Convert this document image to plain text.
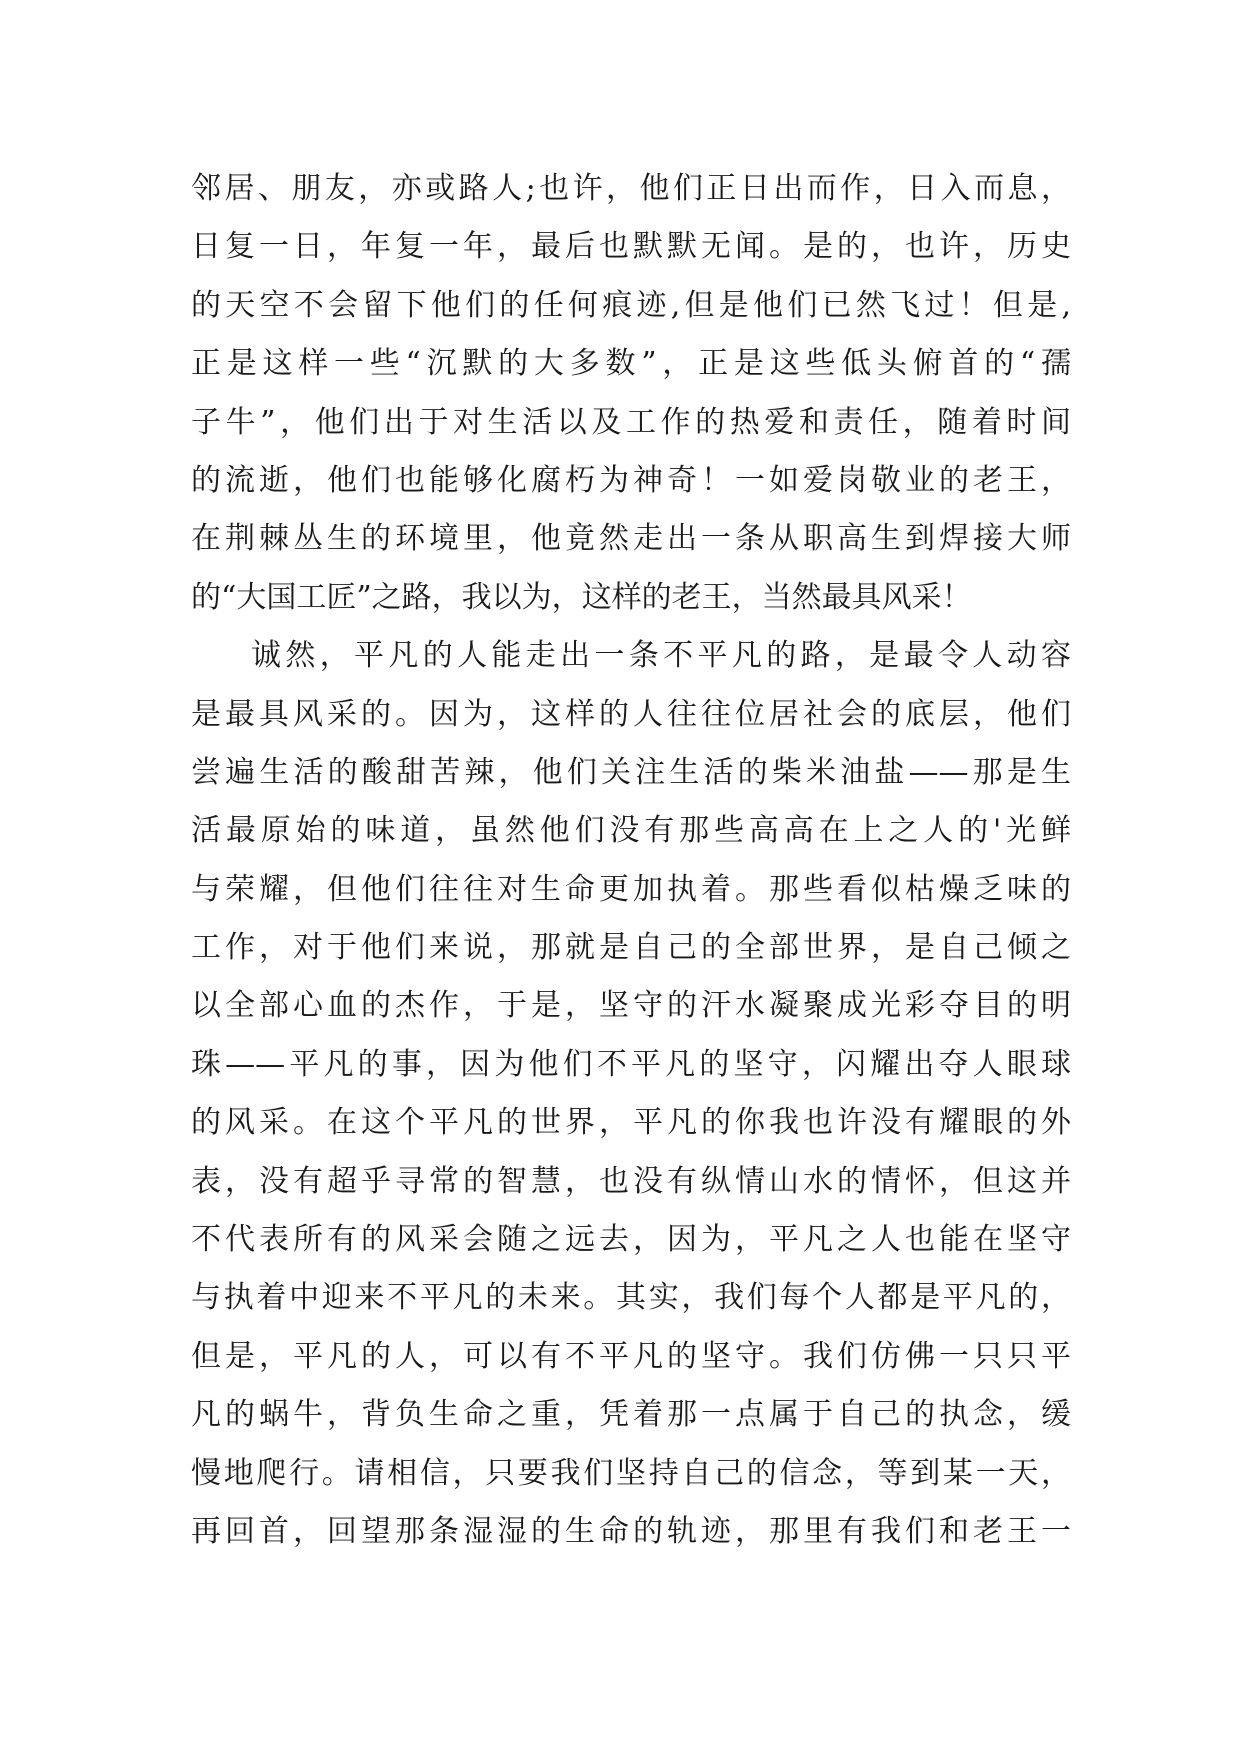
邻居、朋友，亦或路人;也许，他们正日出而作，日入而息，
日复一日，年复一年，最后也默默无闻。是的，也许，历史
的天空不会留下他们的任何痕迹,但是他们已然飞过！但是,
正是这样一些“沉默的大多数”，正是这些低头俯首的“孺
子牛”，他们出于对生活以及工作的热爱和责任，随着时间
的流逝，他们也能够化腐朽为神奇！一如爱岗敬业的老王，
在荆棘丛生的环境里，他竟然走出一条从职高生到焊接大师
的“大国工匠”之路，我以为，这样的老王，当然最具风采！
诚然，平凡的人能走出一条不平凡的路，是最令人动容
是最具风采的。因为，这样的人往往位居社会的底层，他们
尝遍生活的酸甜苦辣，他们关注生活的柴米油盐——那是生
活最原始的味道，虽然他们没有那些高高在上之人的'光鲜
与荣耀，但他们往往对生命更加执着。那些看似枯燥乏味的
工作，对于他们来说，那就是自己的全部世界，是自己倾之
以全部心血的杰作，于是，坚守的汗水凝聚成光彩夺目的明
珠——平凡的事，因为他们不平凡的坚守，闪耀出夺人眼球
的风采。在这个平凡的世界，平凡的你我也许没有耀眼的外
表，没有超乎寻常的智慧，也没有纵情山水的情怀，但这并
不代表所有的风采会随之远去，因为，平凡之人也能在坚守
与执着中迎来不平凡的未来。其实，我们每个人都是平凡的，
但是，平凡的人，可以有不平凡的坚守。我们仿佛一只只平
凡的蜗牛，背负生命之重，凭着那一点属于自己的执念，缓
慢地爬行。请相信，只要我们坚持自己的信念，等到某一天，
再回首，回望那条湿湿的生命的轨迹，那里有我们和老王一
